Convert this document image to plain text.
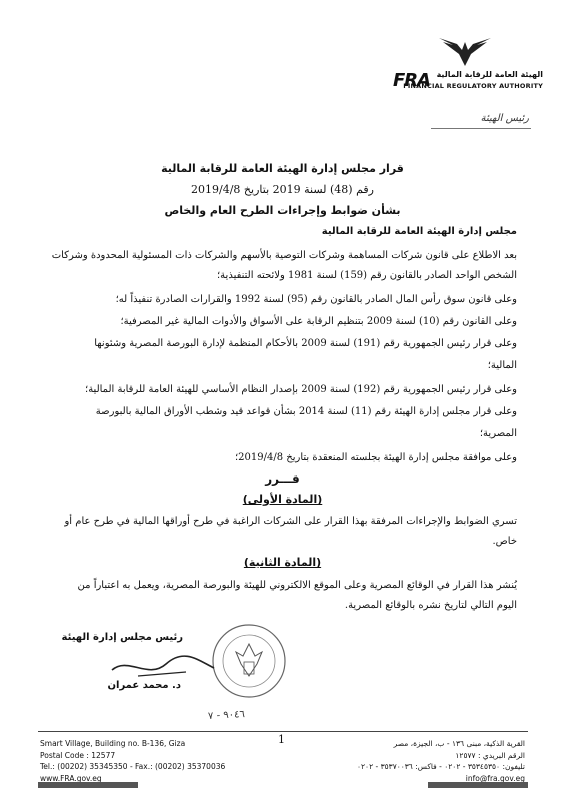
FRA الهيئة العامة للرقابة المالية
FINANCIAL REGULATORY AUTHORITY
رئيس الهيئة
قرار مجلس إدارة الهيئة العامة للرقابة المالية
رقم (48) لسنة 2019 بتاريخ 2019/4/8
بشأن ضوابط وإجراءات الطرح العام والخاص
مجلس إدارة الهيئة العامة للرقابة المالية
بعد الاطلاع على قانون شركات المساهمة وشركات التوصية بالأسهم والشركات ذات المسئولية المحدودة وشركات
الشخص الواحد الصادر بالقانون رقم (159) لسنة 1981 ولائحته التنفيذية؛
وعلى قانون سوق رأس المال الصادر بالقانون رقم (95) لسنة 1992 والقرارات الصادرة تنفيذاً له؛
وعلى القانون رقم (10) لسنة 2009 بتنظيم الرقابة على الأسواق والأدوات المالية غير المصرفية؛
وعلى قرار رئيس الجمهورية رقم (191) لسنة 2009 بالأحكام المنظمة لإدارة البورصة المصرية وشئونها
المالية؛
وعلى قرار رئيس الجمهورية رقم (192) لسنة 2009 بإصدار النظام الأساسي للهيئة العامة للرقابة المالية؛
وعلى قرار مجلس إدارة الهيئة رقم (11) لسنة 2014 بشأن قواعد قيد وشطب الأوراق المالية بالبورصة
المصرية؛
وعلى موافقة مجلس إدارة الهيئة بجلسته المنعقدة بتاريخ 2019/4/8؛
قـــرر
(المادة الأولى)
تسري الضوابط والإجراءات المرفقة بهذا القرار على الشركات الراغبة في طرح أوراقها المالية في طرح عام أو
خاص.
(المادة الثانية)
يُنشر هذا القرار في الوقائع المصرية وعلى الموقع الالكتروني للهيئة والبورصة المصرية، ويعمل به اعتباراً من
اليوم التالي لتاريخ نشره بالوقائع المصرية.
رئيس مجلس إدارة الهيئة
د. محمد عمران
٩٠٤٦ - ٧
Smart Village, Building no. B-136, Giza
Postal Code : 12577
Tel.: (00202) 35345350 - Fax.: (00202) 35370036
www.FRA.gov.eg
1	القرية الذكية، مبنى ١٣٦ - ب، الجيزة، مصر
الرقم البريدي : ١٢٥٧٧
تليفون: ٣٥٣٤٥٣٥٠ - ٠٢٠٢ - فاكس: ٣٥٣٧٠٠٣٦ - ٠٢٠٢
info@fra.gov.eg
